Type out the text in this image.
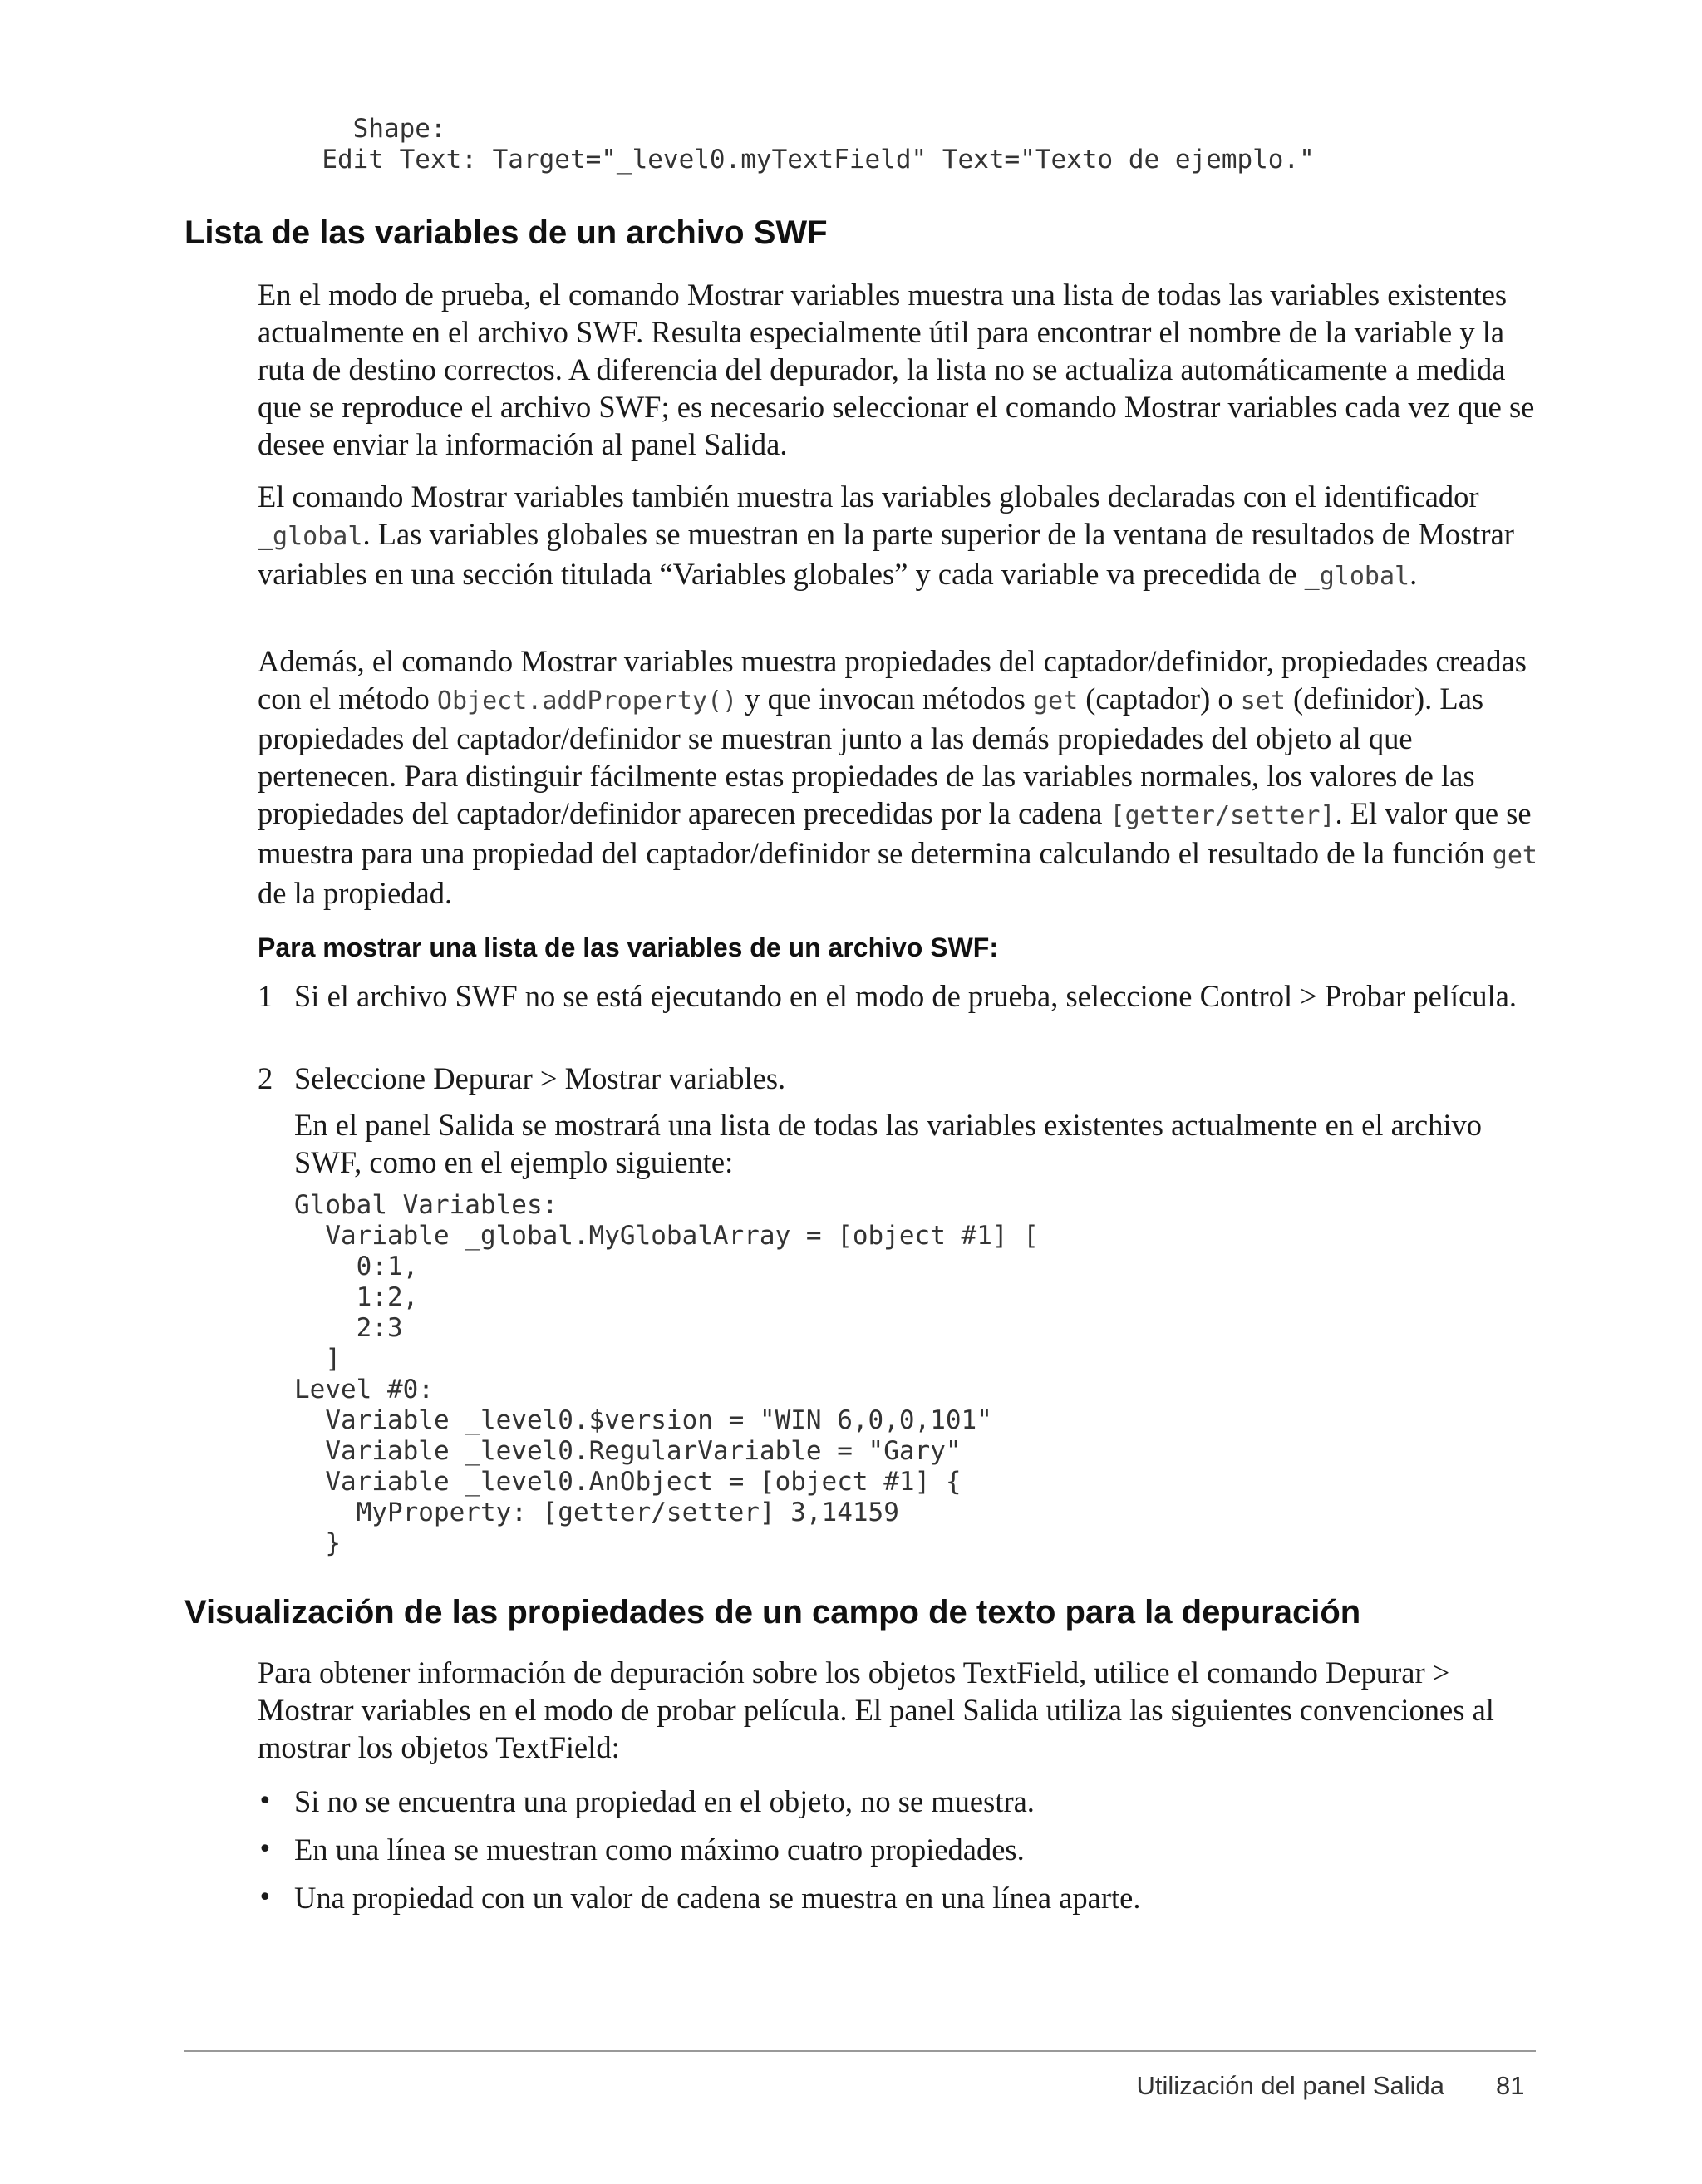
Shape:
Edit Text: Target="_level0.myTextField" Text="Texto de ejemplo."
Lista de las variables de un archivo SWF

En el modo de prueba, el comando Mostrar variables muestra una lista de todas las variables existentes actualmente en el archivo SWF. Resulta especialmente útil para encontrar el nombre de la variable y la ruta de destino correctos. A diferencia del depurador, la lista no se actualiza automáticamente a medida que se reproduce el archivo SWF; es necesario seleccionar el comando Mostrar variables cada vez que se desee enviar la información al panel Salida.

El comando Mostrar variables también muestra las variables globales declaradas con el identificador _global. Las variables globales se muestran en la parte superior de la ventana de resultados de Mostrar variables en una sección titulada “Variables globales” y cada variable va precedida de _global.

Además, el comando Mostrar variables muestra propiedades del captador/definidor, propiedades creadas con el método Object.addProperty() y que invocan métodos get (captador) o set (definidor). Las propiedades del captador/definidor se muestran junto a las demás propiedades del objeto al que pertenecen. Para distinguir fácilmente estas propiedades de las variables normales, los valores de las propiedades del captador/definidor aparecen precedidas por la cadena [getter/setter]. El valor que se muestra para una propiedad del captador/definidor se determina calculando el resultado de la función get de la propiedad.

Para mostrar una lista de las variables de un archivo SWF:
1 Si el archivo SWF no se está ejecutando en el modo de prueba, seleccione Control > Probar película.
2 Seleccione Depurar > Mostrar variables.

En el panel Salida se mostrará una lista de todas las variables existentes actualmente en el archivo SWF, como en el ejemplo siguiente:

Global Variables:
Variable _global.MyGlobalArray = [object #1] [
0:1,
1:2,
2:3
]
Level #0:
Variable _level0.$version = "WIN 6,0,0,101"
Variable _level0.RegularVariable = "Gary"
Variable _level0.AnObject = [object #1] {
MyProperty: [getter/setter] 3,14159
}
Visualización de las propiedades de un campo de texto para la depuración

Para obtener información de depuración sobre los objetos TextField, utilice el comando Depurar > Mostrar variables en el modo de probar película. El panel Salida utiliza las siguientes convenciones al mostrar los objetos TextField:

• Si no se encuentra una propiedad en el objeto, no se muestra.
• En una línea se muestran como máximo cuatro propiedades.
• Una propiedad con un valor de cadena se muestra en una línea aparte.
Utilización del panel Salida 81
